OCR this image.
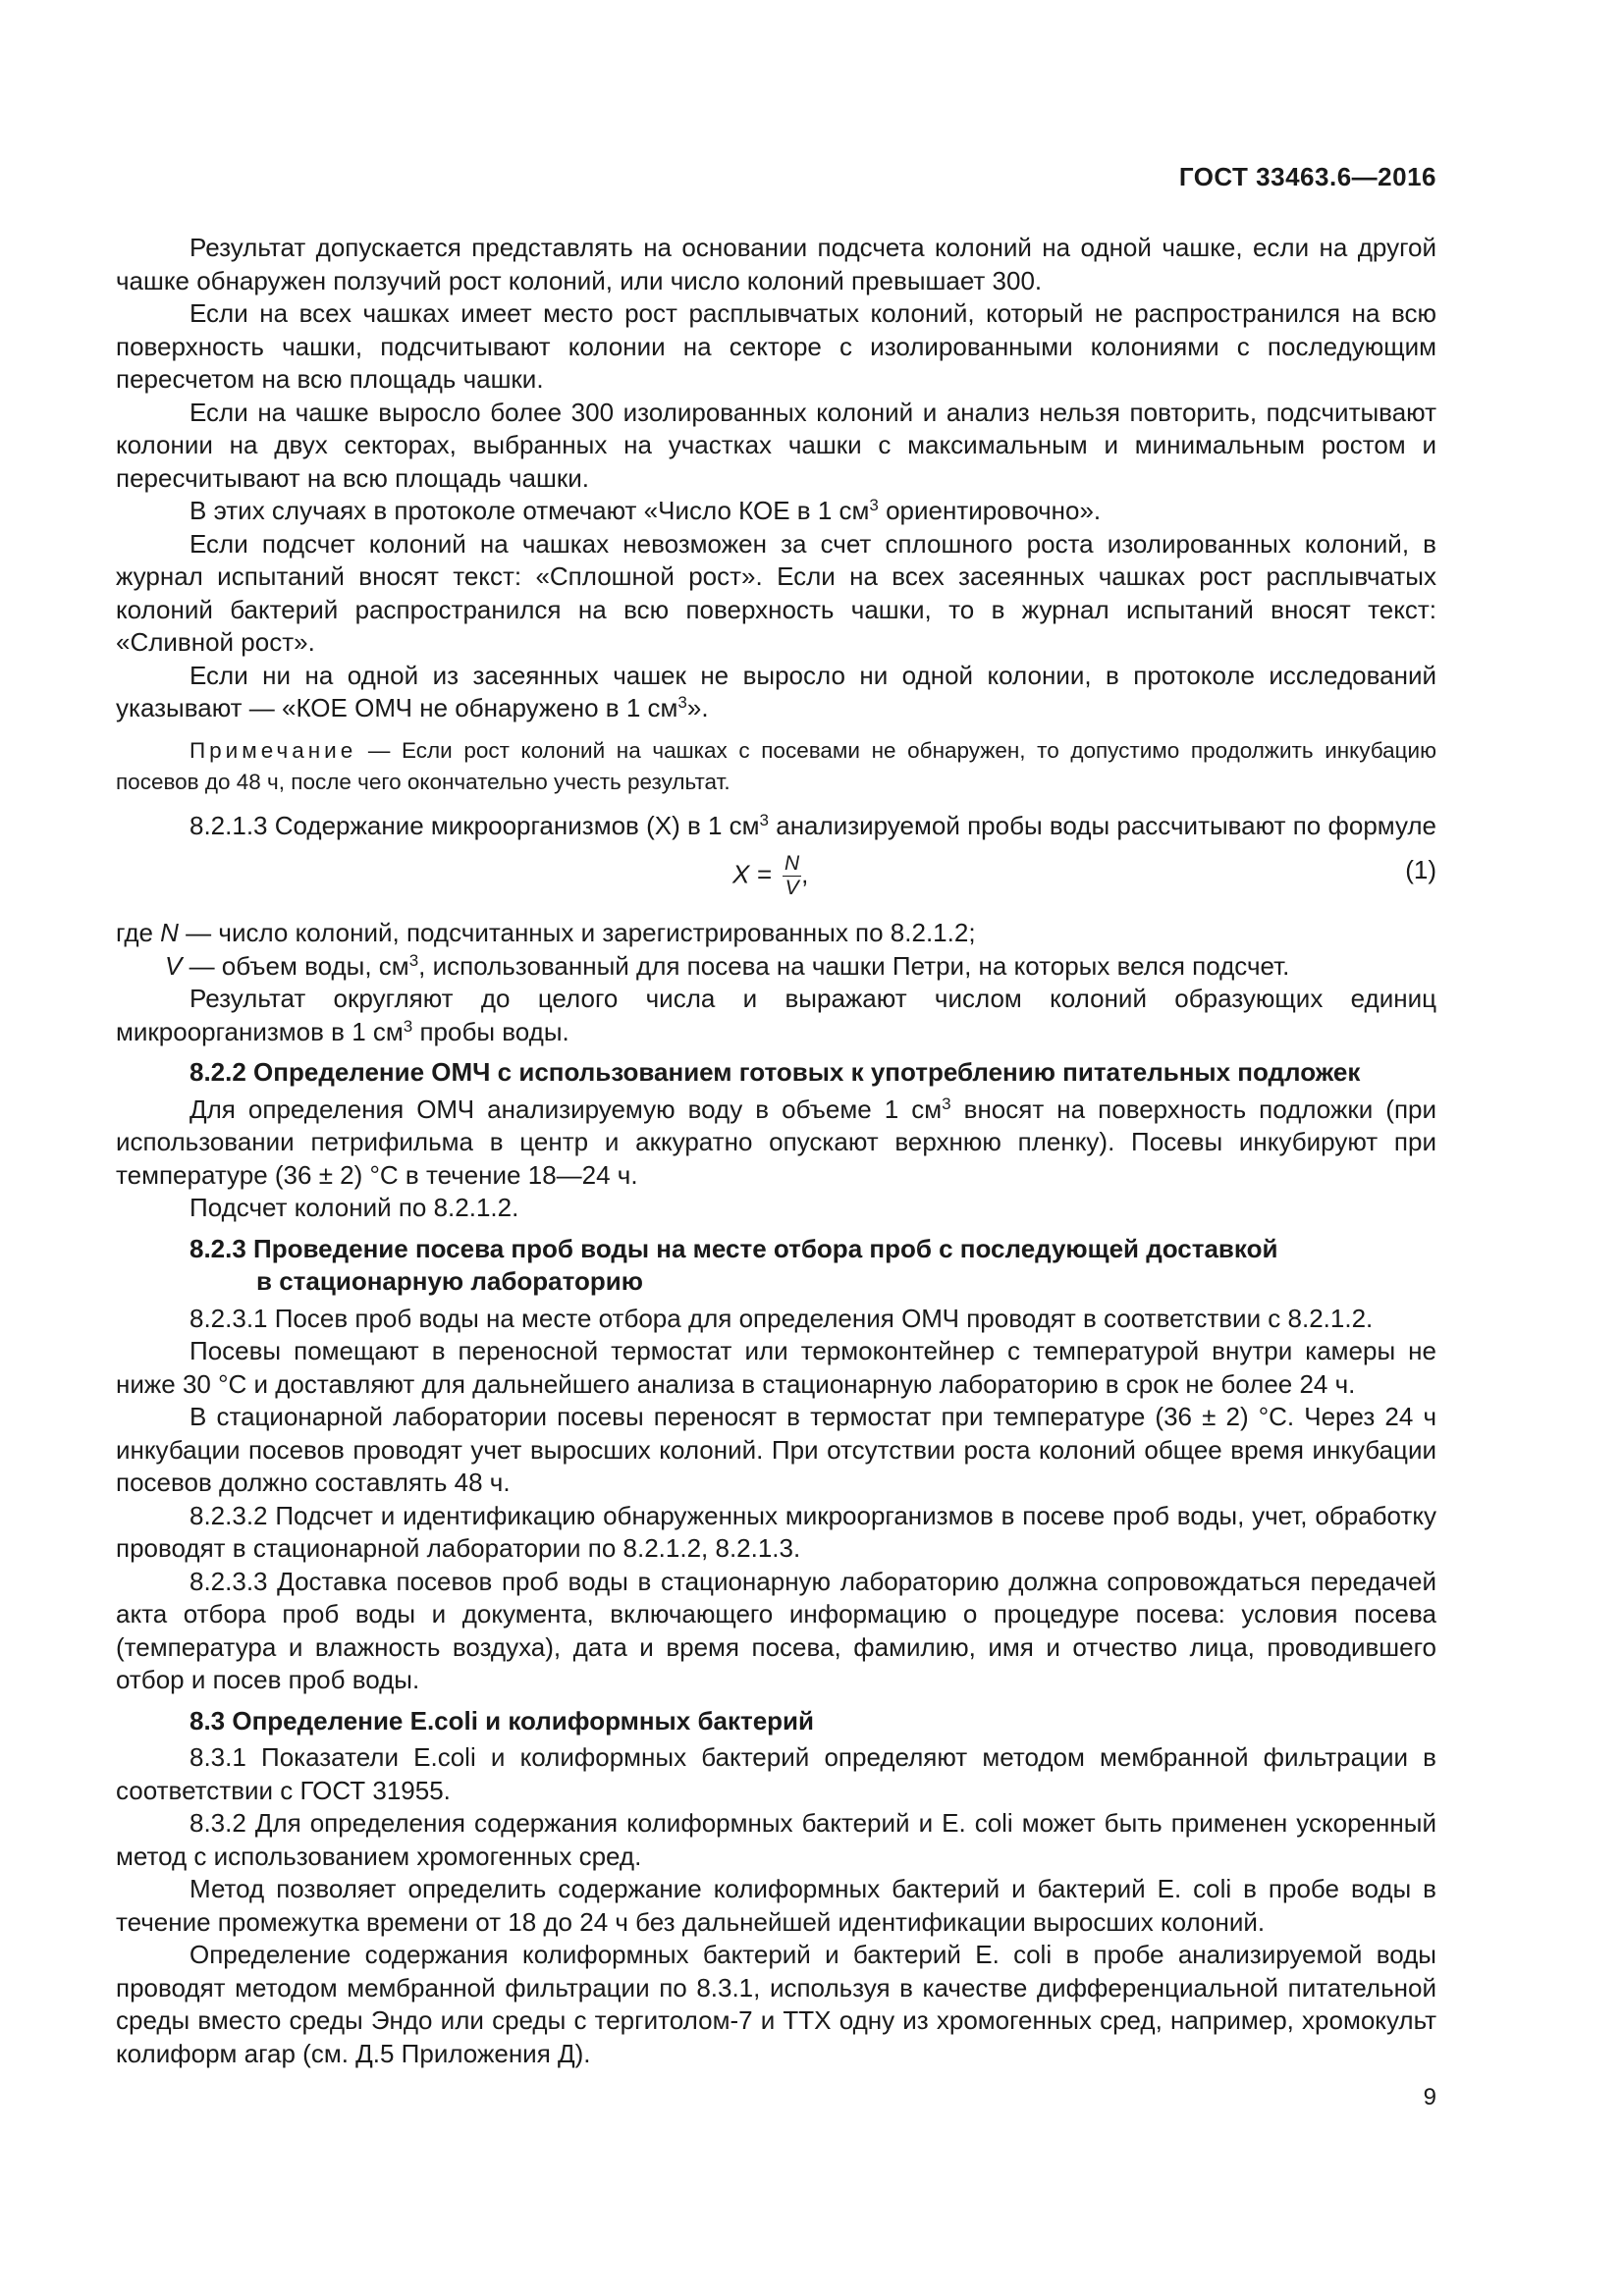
ГОСТ 33463.6—2016

Результат допускается представлять на основании подсчета колоний на одной чашке, если на другой чашке обнаружен ползучий рост колоний, или число колоний превышает 300.

Если на всех чашках имеет место рост расплывчатых колоний, который не распространился на всю поверхность чашки, подсчитывают колонии на секторе с изолированными колониями с последующим пересчетом на всю площадь чашки.

Если на чашке выросло более 300 изолированных колоний и анализ нельзя повторить, подсчитывают колонии на двух секторах, выбранных на участках чашки с максимальным и минимальным ростом и пересчитывают на всю площадь чашки.

В этих случаях в протоколе отмечают «Число КОЕ в 1 $см^3$ ориентировочно».

Если подсчет колоний на чашках невозможен за счет сплошного роста изолированных колоний, в журнал испытаний вносят текст: «Сплошной рост». Если на всех засеянных чашках рост расплывчатых колоний бактерий распространился на всю поверхность чашки, то в журнал испытаний вносят текст: «Сливной рост».

Если ни на одной из засеянных чашек не выросло ни одной колонии, в протоколе исследований указывают — «КОЕ ОМЧ не обнаружено в 1 $см^3$».

Примечание — Если рост колоний на чашках с посевами не обнаружен, то допустимо продолжить инкубацию посевов до 48 ч, после чего окончательно учесть результат.

8.2.1.3 Содержание микроорганизмов (X) в 1 $см^3$ анализируемой пробы воды рассчитывают по формуле

$X = \frac{N}{V}$ ,	(1)

где N — число колоний, подсчитанных и зарегистрированных по 8.2.1.2;

V — объем воды, $см^3$, использованный для посева на чашки Петри, на которых велся подсчет.

Результат округляют до целого числа и выражают числом колоний образующих единиц микроорганизмов в 1 $см^3$ пробы воды.

8.2.2 Определение ОМЧ с использованием готовых к употреблению питательных подложек

Для определения ОМЧ анализируемую воду в объеме 1 $см^3$ вносят на поверхность подложки (при использовании петрифильма в центр и аккуратно опускают верхнюю пленку). Посевы инкубируют при температуре (36 ± 2) °С в течение 18—24 ч.

Подсчет колоний по 8.2.1.2.

8.2.3 Проведение посева проб воды на месте отбора проб с последующей доставкой

в стационарную лабораторию

8.2.3.1 Посев проб воды на месте отбора для определения ОМЧ проводят в соответствии с 8.2.1.2.

Посевы помещают в переносной термостат или термоконтейнер с температурой внутри камеры не ниже 30 °С и доставляют для дальнейшего анализа в стационарную лабораторию в срок не более 24 ч.

В стационарной лаборатории посевы переносят в термостат при температуре (36 ± 2) °С. Через 24 ч инкубации посевов проводят учет выросших колоний. При отсутствии роста колоний общее время инкубации посевов должно составлять 48 ч.

8.2.3.2 Подсчет и идентификацию обнаруженных микроорганизмов в посеве проб воды, учет, обработку проводят в стационарной лаборатории по 8.2.1.2, 8.2.1.3.

8.2.3.3 Доставка посевов проб воды в стационарную лабораторию должна сопровождаться передачей акта отбора проб воды и документа, включающего информацию о процедуре посева: условия посева (температура и влажность воздуха), дата и время посева, фамилию, имя и отчество лица, проводившего отбор и посев проб воды.

8.3 Определение E.coli и колиформных бактерий

8.3.1 Показатели E.coli и колиформных бактерий определяют методом мембранной фильтрации в соответствии с ГОСТ 31955.

8.3.2 Для определения содержания колиформных бактерий и E. coli может быть применен ускоренный метод с использованием хромогенных сред.

Метод позволяет определить содержание колиформных бактерий и бактерий E. coli в пробе воды в течение промежутка времени от 18 до 24 ч без дальнейшей идентификации выросших колоний.

Определение содержания колиформных бактерий и бактерий E. coli в пробе анализируемой воды проводят методом мембранной фильтрации по 8.3.1, используя в качестве дифференциальной питательной среды вместо среды Эндо или среды с тергитолом-7 и ТТХ одну из хромогенных сред, например, хромокульт колиформ агар (см. Д.5 Приложения Д).

9
